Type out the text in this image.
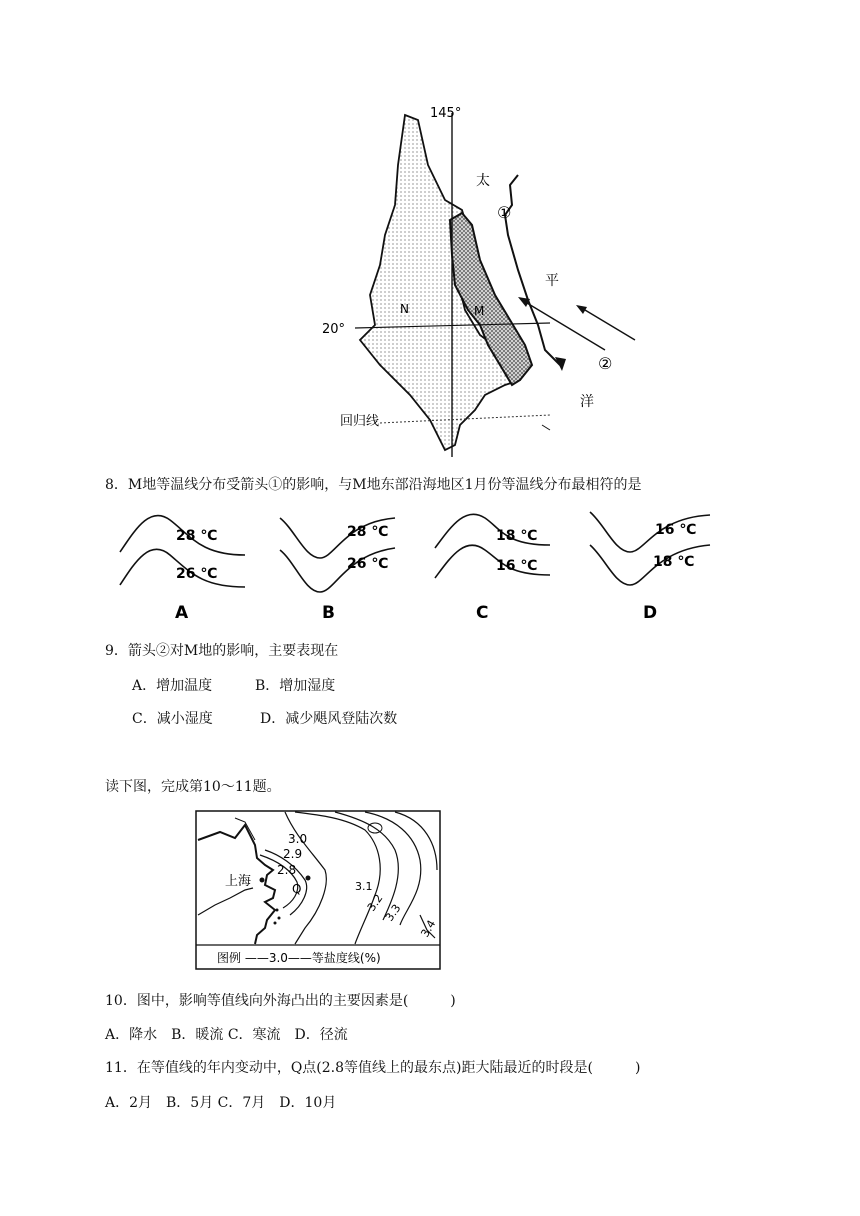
145°
20°
回归线
N	M
太
平
洋
①
②
8．M地等温线分布受箭头①的影响，与M地东部沿海地区1月份等温线分布最相符的是
28 ℃
26 ℃
A
28 ℃
26 ℃
B
18 ℃
16 ℃
C
16 ℃
18 ℃
D
9．箭头②对M地的影响，主要表现在
A．增加温度	B．增加湿度
C．减小湿度	D．减少飓风登陆次数
读下图，完成第10～11题。
上海	Q
3.0
2.9
2.8
3.1
3.2
3.3
3.4
图例 ——3.0——等盐度线(%)
10．图中，影响等值线向外海凸出的主要因素是(　　　)
A．降水　B．暖流 C．寒流　D．径流
11．在等值线的年内变动中，Q点(2.8等值线上的最东点)距大陆最近的时段是(　　　)
A．2月　B．5月 C．7月　D．10月
